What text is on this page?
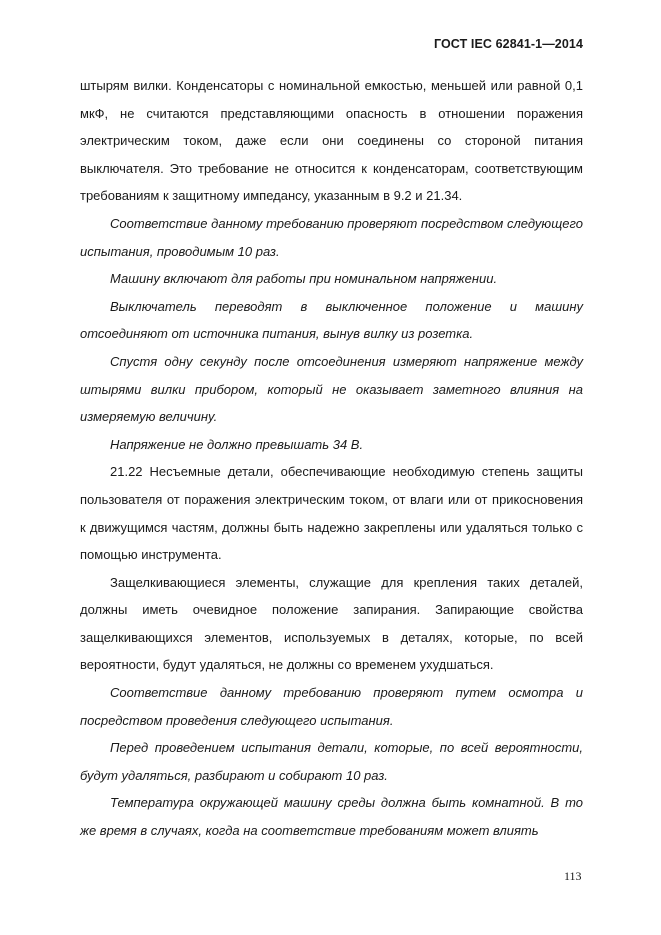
ГОСТ IEC 62841-1—2014

штырям вилки. Конденсаторы с номинальной емкостью, меньшей или равной 0,1 мкФ, не считаются представляющими опасность в отношении поражения электрическим током, даже если они соединены со стороной питания выключателя. Это требование не относится к конденсаторам, соответствующим требованиям к защитному импедансу, указанным в 9.2 и 21.34.

Соответствие данному требованию проверяют посредством следующего испытания, проводимым 10 раз.

Машину включают для работы при номинальном напряжении.

Выключатель переводят в выключенное положение и машину отсоединяют от источника питания, вынув вилку из розетка.

Спустя одну секунду после отсоединения измеряют напряжение между штырями вилки прибором, который не оказывает заметного влияния на измеряемую величину.

Напряжение не должно превышать 34 В.

21.22 Несъемные детали, обеспечивающие необходимую степень защиты пользователя от поражения электрическим током, от влаги или от прикосновения к движущимся частям, должны быть надежно закреплены или удаляться только с помощью инструмента.

Защелкивающиеся элементы, служащие для крепления таких деталей, должны иметь очевидное положение запирания. Запирающие свойства защелкивающихся элементов, используемых в деталях, которые, по всей вероятности, будут удаляться, не должны со временем ухудшаться.

Соответствие данному требованию проверяют путем осмотра и посредством проведения следующего испытания.

Перед проведением испытания детали, которые, по всей вероятности, будут удаляться, разбирают и собирают 10 раз.

Температура окружающей машину среды должна быть комнатной. В то же время в случаях, когда на соответствие требованиям может влиять

113
